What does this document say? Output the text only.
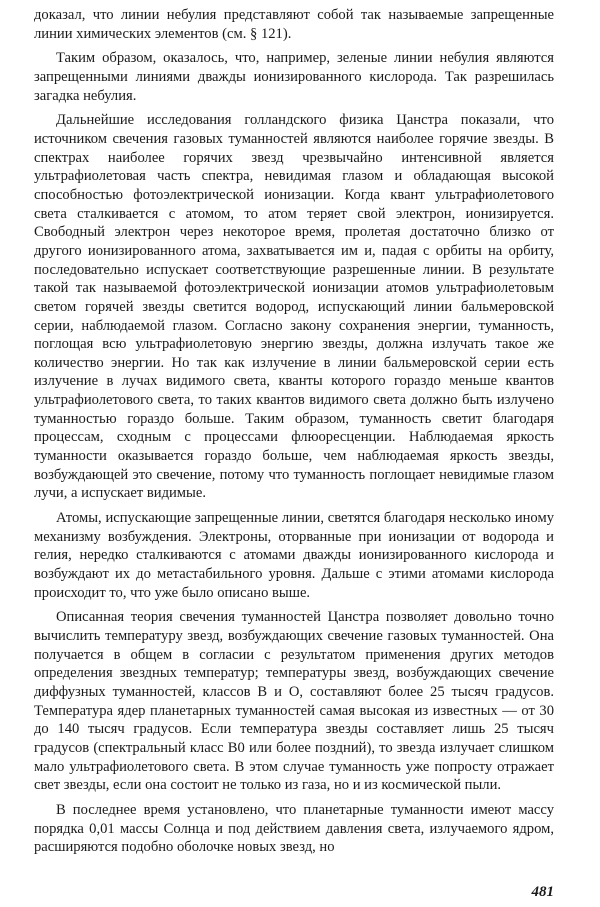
доказал, что линии небулия представляют собой так называемые запрещенные линии химических элементов (см. § 121).

Таким образом, оказалось, что, например, зеленые линии небулия являются запрещенными линиями дважды ионизированного кислорода. Так разрешилась загадка небулия.

Дальнейшие исследования голландского физика Цанстра показали, что источником свечения газовых туманностей являются наиболее горячие звезды. В спектрах наиболее горячих звезд чрезвычайно интенсивной является ультрафиолетовая часть спектра, невидимая глазом и обладающая высокой способностью фотоэлектрической ионизации. Когда квант ультрафиолетового света сталкивается с атомом, то атом теряет свой электрон, ионизируется. Свободный электрон через некоторое время, пролетая достаточно близко от другого ионизированного атома, захватывается им и, падая с орбиты на орбиту, последовательно испускает соответствующие разрешенные линии. В результате такой так называемой фотоэлектрической ионизации атомов ультрафиолетовым светом горячей звезды светится водород, испускающий линии бальмеровской серии, наблюдаемой глазом. Согласно закону сохранения энергии, туманность, поглощая всю ультрафиолетовую энергию звезды, должна излучать такое же количество энергии. Но так как излучение в линии бальмеровской серии есть излучение в лучах видимого света, кванты которого гораздо меньше квантов ультрафиолетового света, то таких квантов видимого света должно быть излучено туманностью гораздо больше. Таким образом, туманность светит благодаря процессам, сходным с процессами флюоресценции. Наблюдаемая яркость туманности оказывается гораздо больше, чем наблюдаемая яркость звезды, возбуждающей это свечение, потому что туманность поглощает невидимые глазом лучи, а испускает видимые.

Атомы, испускающие запрещенные линии, светятся благодаря несколько иному механизму возбуждения. Электроны, оторванные при ионизации от водорода и гелия, нередко сталкиваются с атомами дважды ионизированного кислорода и возбуждают их до метастабильного уровня. Дальше с этими атомами кислорода происходит то, что уже было описано выше.

Описанная теория свечения туманностей Цанстра позволяет довольно точно вычислить температуру звезд, возбуждающих свечение газовых туманностей. Она получается в общем в согласии с результатом применения других методов определения звездных температур; температуры звезд, возбуждающих свечение диффузных туманностей, классов B и O, составляют более 25 тысяч градусов. Температура ядер планетарных туманностей самая высокая из известных — от 30 до 140 тысяч градусов. Если температура звезды составляет лишь 25 тысяч градусов (спектральный класс B0 или более поздний), то звезда излучает слишком мало ультрафиолетового света. В этом случае туманность уже попросту отражает свет звезды, если она состоит не только из газа, но и из космической пыли.

В последнее время установлено, что планетарные туманности имеют массу порядка 0,01 массы Солнца и под действием давления света, излучаемого ядром, расширяются подобно оболочке новых звезд, но

481
